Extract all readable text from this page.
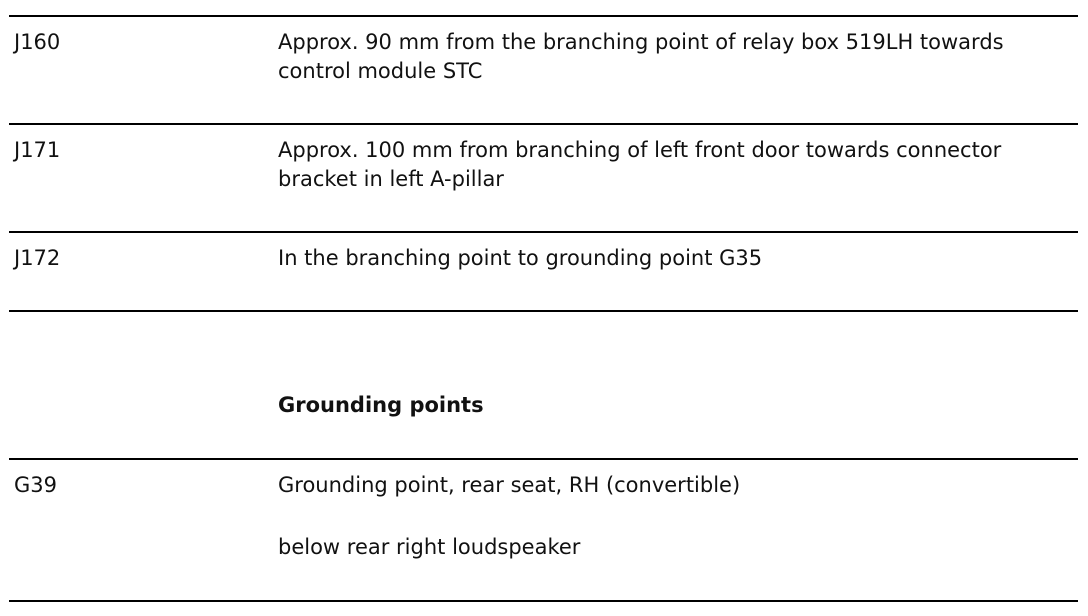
J160	Approx. 90 mm from the branching point of relay box 519LH towards control module STC
J171	Approx. 100 mm from branching of left front door towards connector bracket in left A-pillar
J172	In the branching point to grounding point G35
Grounding points
G39	Grounding point, rear seat, RH (convertible)
below rear right loudspeaker
